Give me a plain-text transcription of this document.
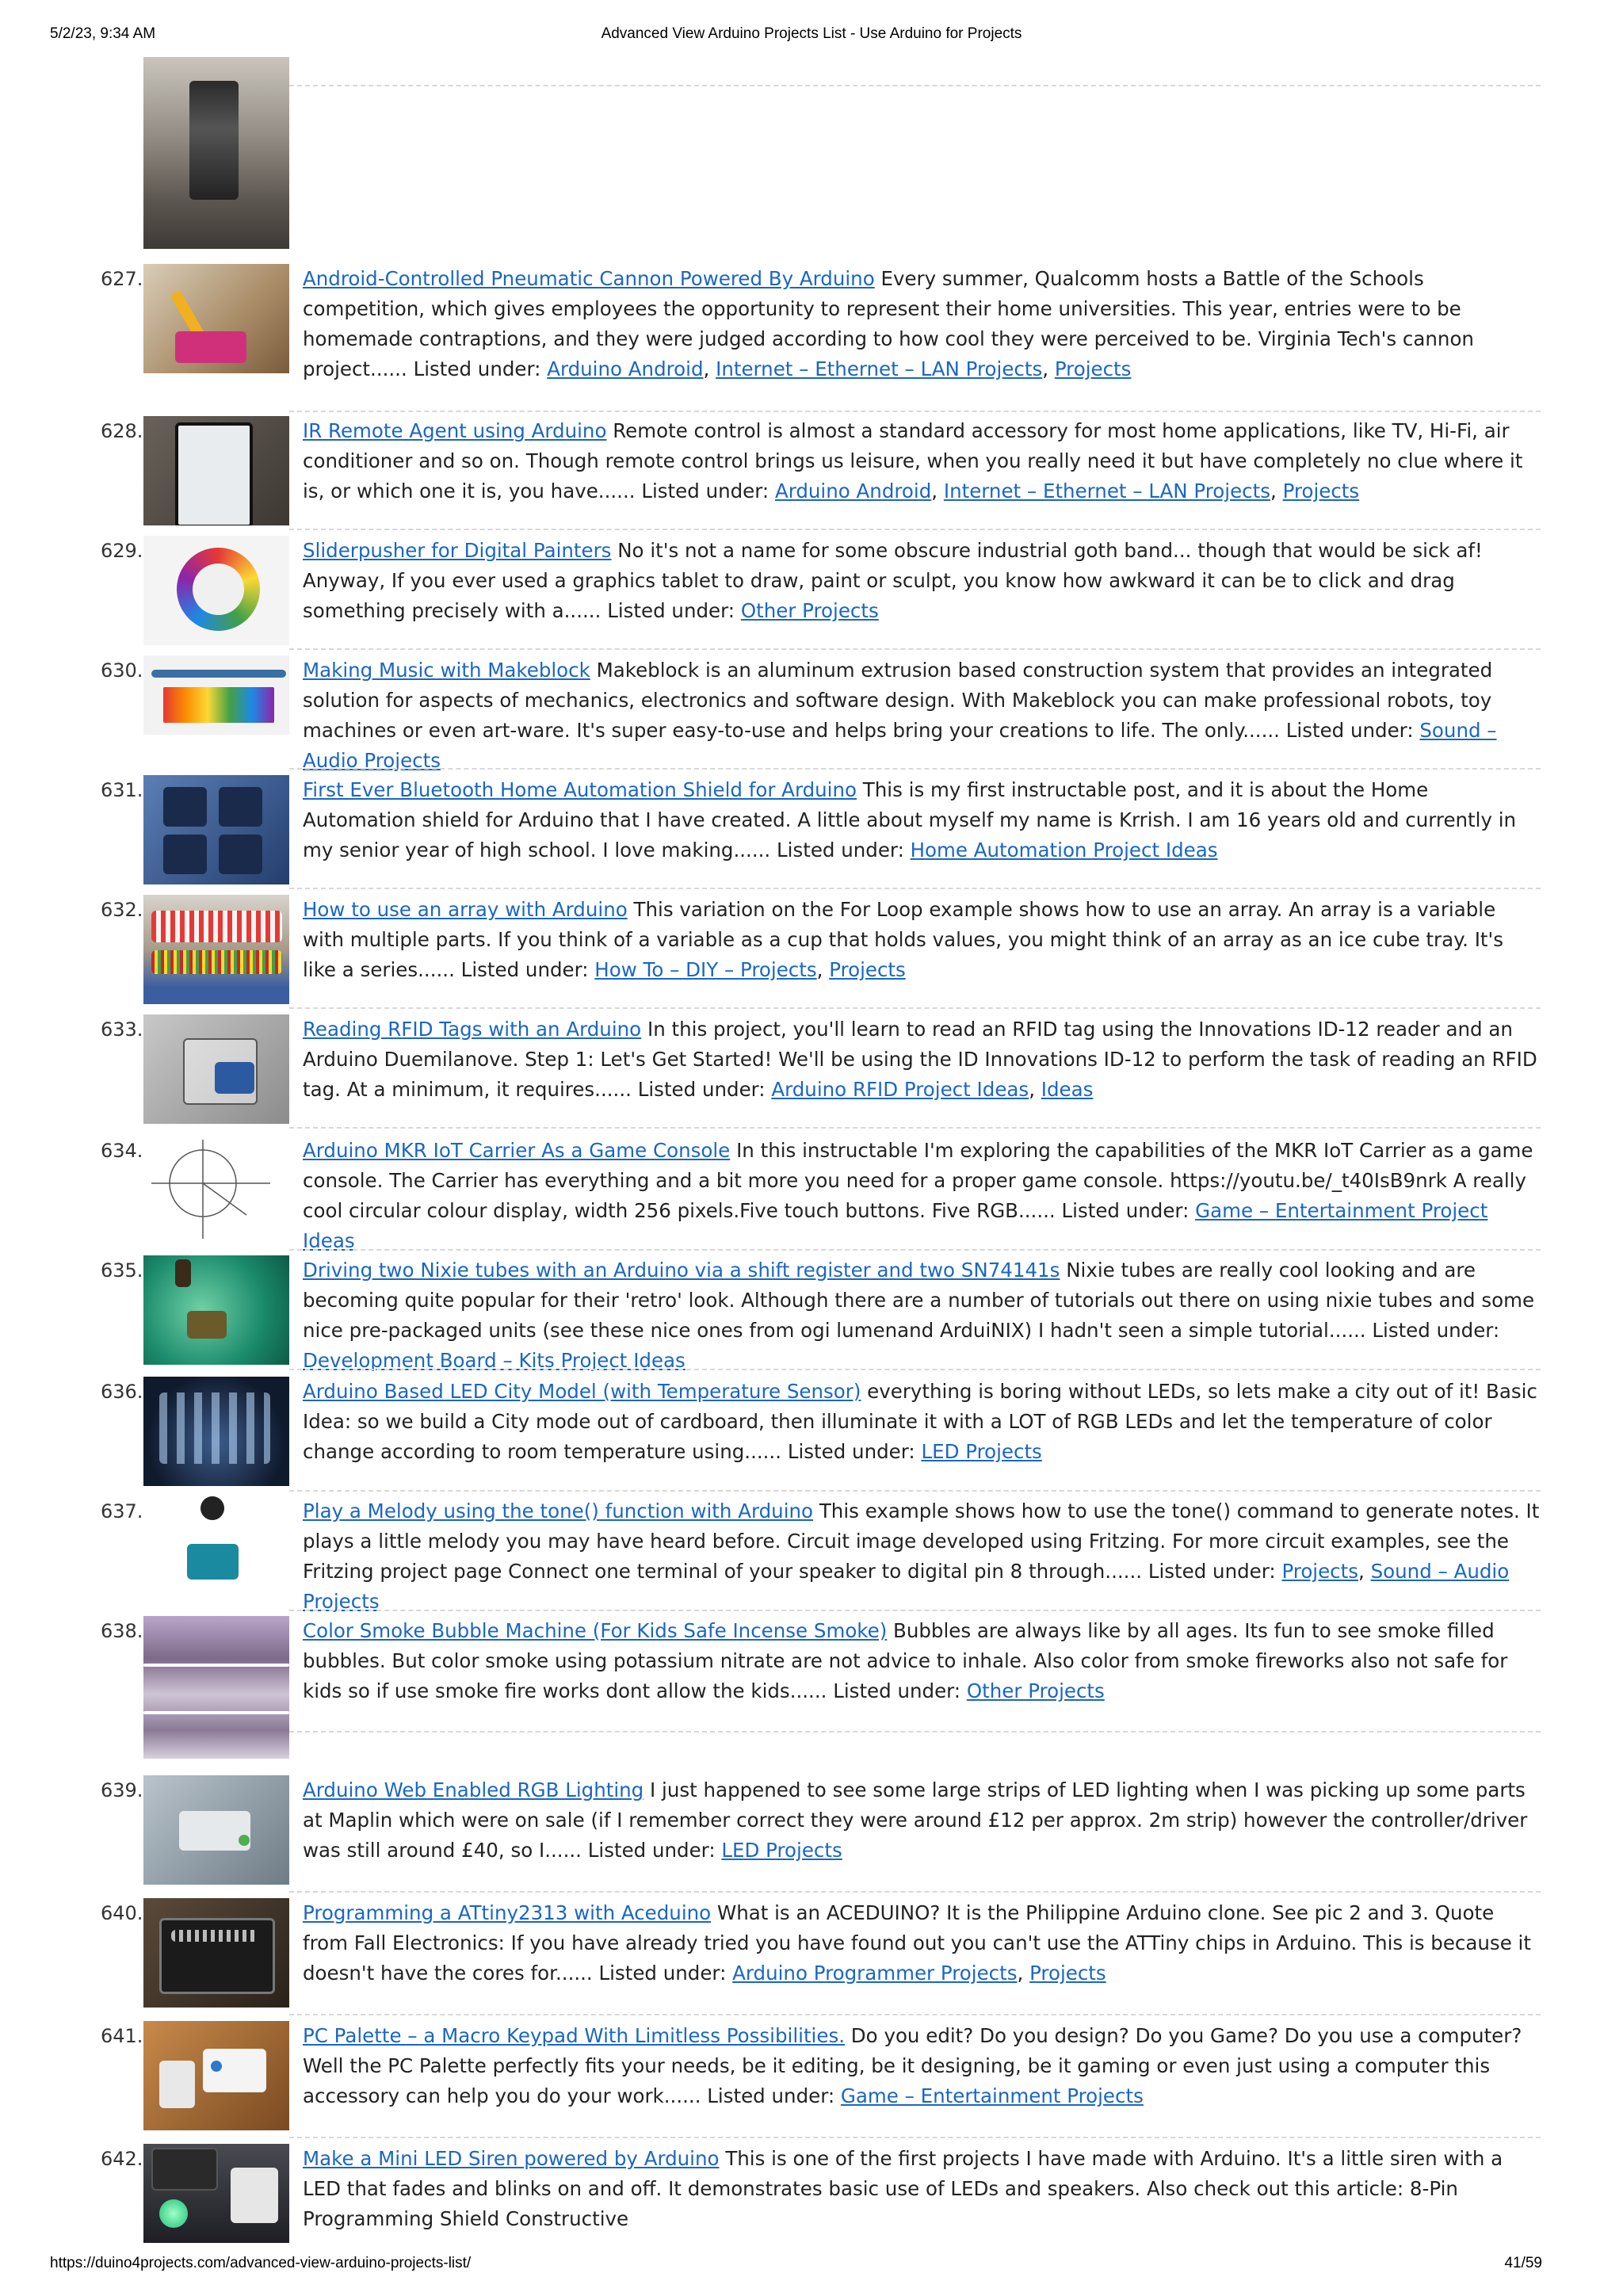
5/2/23, 9:34 AM	Advanced View Arduino Projects List - Use Arduino for Projects
627.	Android-Controlled Pneumatic Cannon Powered By Arduino Every summer, Qualcomm hosts a Battle of the Schools competition, which gives employees the opportunity to represent their home universities. This year, entries were to be homemade contraptions, and they were judged according to how cool they were perceived to be. Virginia Tech's cannon project...... Listed under: Arduino Android, Internet – Ethernet – LAN Projects, Projects
628.	IR Remote Agent using Arduino Remote control is almost a standard accessory for most home applications, like TV, Hi-Fi, air conditioner and so on. Though remote control brings us leisure, when you really need it but have completely no clue where it is, or which one it is, you have...... Listed under: Arduino Android, Internet – Ethernet – LAN Projects, Projects
629.	Sliderpusher for Digital Painters No it's not a name for some obscure industrial goth band... though that would be sick af! Anyway, If you ever used a graphics tablet to draw, paint or sculpt, you know how awkward it can be to click and drag something precisely with a...... Listed under: Other Projects
630.	Making Music with Makeblock Makeblock is an aluminum extrusion based construction system that provides an integrated solution for aspects of mechanics, electronics and software design. With Makeblock you can make professional robots, toy machines or even art-ware. It's super easy-to-use and helps bring your creations to life. The only...... Listed under: Sound – Audio Projects
631.	First Ever Bluetooth Home Automation Shield for Arduino This is my first instructable post, and it is about the Home Automation shield for Arduino that I have created. A little about myself my name is Krrish. I am 16 years old and currently in my senior year of high school. I love making...... Listed under: Home Automation Project Ideas
632.	How to use an array with Arduino This variation on the For Loop example shows how to use an array. An array is a variable with multiple parts. If you think of a variable as a cup that holds values, you might think of an array as an ice cube tray. It's like a series...... Listed under: How To – DIY – Projects, Projects
633.	Reading RFID Tags with an Arduino In this project, you'll learn to read an RFID tag using the Innovations ID-12 reader and an Arduino Duemilanove. Step 1: Let's Get Started! We'll be using the ID Innovations ID-12 to perform the task of reading an RFID tag. At a minimum, it requires...... Listed under: Arduino RFID Project Ideas, Ideas
634.	Arduino MKR IoT Carrier As a Game Console In this instructable I'm exploring the capabilities of the MKR IoT Carrier as a game console. The Carrier has everything and a bit more you need for a proper game console. https://youtu.be/_t40IsB9nrk A really cool circular colour display, width 256 pixels.Five touch buttons. Five RGB...... Listed under: Game – Entertainment Project Ideas
635.	Driving two Nixie tubes with an Arduino via a shift register and two SN74141s Nixie tubes are really cool looking and are becoming quite popular for their 'retro' look. Although there are a number of tutorials out there on using nixie tubes and some nice pre-packaged units (see these nice ones from ogi lumenand ArduiNIX) I hadn't seen a simple tutorial...... Listed under: Development Board – Kits Project Ideas
636.	Arduino Based LED City Model (with Temperature Sensor) everything is boring without LEDs, so lets make a city out of it! Basic Idea: so we build a City mode out of cardboard, then illuminate it with a LOT of RGB LEDs and let the temperature of color change according to room temperature using...... Listed under: LED Projects
637.	Play a Melody using the tone() function with Arduino This example shows how to use the tone() command to generate notes. It plays a little melody you may have heard before. Circuit image developed using Fritzing. For more circuit examples, see the Fritzing project page Connect one terminal of your speaker to digital pin 8 through...... Listed under: Projects, Sound – Audio Projects
638.	Color Smoke Bubble Machine (For Kids Safe Incense Smoke) Bubbles are always like by all ages. Its fun to see smoke filled bubbles. But color smoke using potassium nitrate are not advice to inhale. Also color from smoke fireworks also not safe for kids so if use smoke fire works dont allow the kids...... Listed under: Other Projects
639.	Arduino Web Enabled RGB Lighting I just happened to see some large strips of LED lighting when I was picking up some parts at Maplin which were on sale (if I remember correct they were around £12 per approx. 2m strip) however the controller/driver was still around £40, so I...... Listed under: LED Projects
640.	Programming a ATtiny2313 with Aceduino What is an ACEDUINO? It is the Philippine Arduino clone. See pic 2 and 3. Quote from Fall Electronics: If you have already tried you have found out you can't use the ATTiny chips in Arduino. This is because it doesn't have the cores for...... Listed under: Arduino Programmer Projects, Projects
641.	PC Palette – a Macro Keypad With Limitless Possibilities. Do you edit? Do you design? Do you Game? Do you use a computer? Well the PC Palette perfectly fits your needs, be it editing, be it designing, be it gaming or even just using a computer this accessory can help you do your work...... Listed under: Game – Entertainment Projects
642.	Make a Mini LED Siren powered by Arduino This is one of the first projects I have made with Arduino. It's a little siren with a LED that fades and blinks on and off. It demonstrates basic use of LEDs and speakers. Also check out this article: 8-Pin Programming Shield Constructive
https://duino4projects.com/advanced-view-arduino-projects-list/	41/59
